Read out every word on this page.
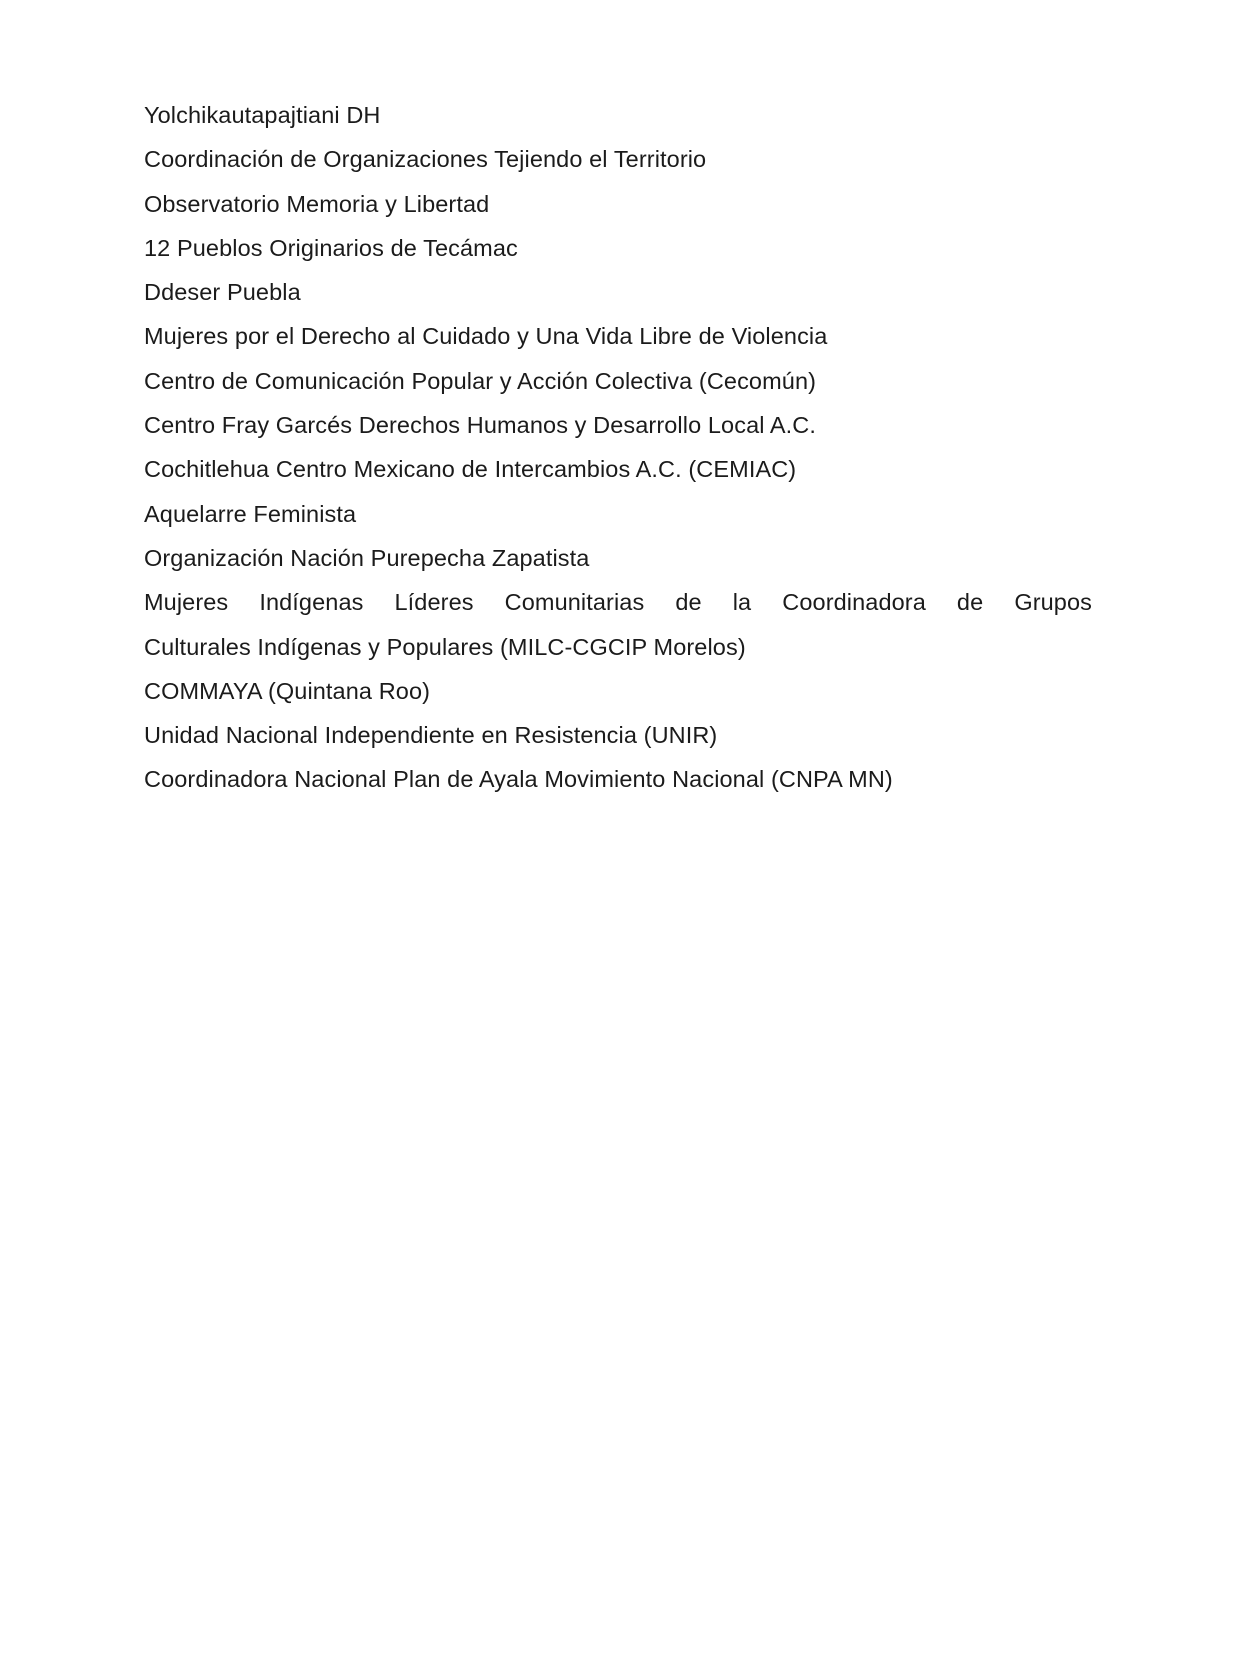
Yolchikautapajtiani DH

Coordinación de Organizaciones Tejiendo el Territorio

Observatorio Memoria y Libertad

12 Pueblos Originarios de Tecámac

Ddeser Puebla

Mujeres por el Derecho al Cuidado y Una Vida Libre de Violencia

Centro de Comunicación Popular y Acción Colectiva (Cecomún)

Centro Fray Garcés Derechos Humanos y Desarrollo Local A.C.

Cochitlehua Centro Mexicano de Intercambios A.C. (CEMIAC)

Aquelarre Feminista

Organización Nación Purepecha Zapatista

Mujeres Indígenas Líderes Comunitarias de la Coordinadora de Grupos
Culturales Indígenas y Populares (MILC-CGCIP Morelos)

COMMAYA (Quintana Roo)

Unidad Nacional Independiente en Resistencia (UNIR)

Coordinadora Nacional Plan de Ayala Movimiento Nacional (CNPA MN)
